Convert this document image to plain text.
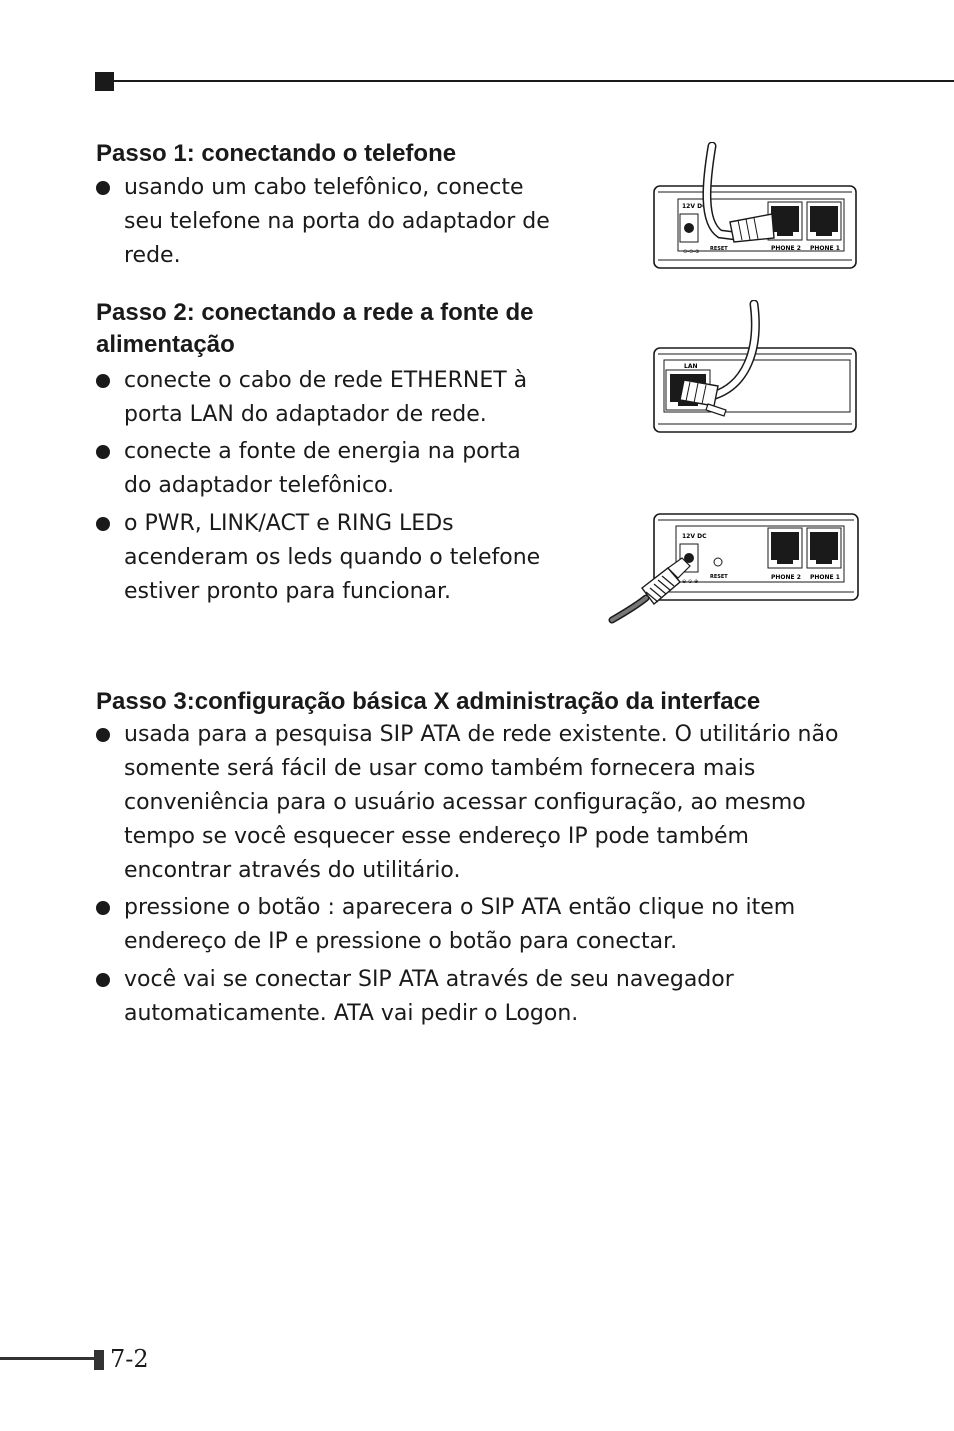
Passo 1: conectando o telefone

usando um cabo telefônico, conecte seu telefone na porta do adaptador de rede.

Passo 2: conectando a rede a fonte de alimentação

conecte o cabo de rede ETHERNET à porta LAN do adaptador de rede.

conecte a fonte de energia na porta do adaptador telefônico.

o PWR, LINK/ACT e RING LEDs acenderam os leds quando o telefone estiver pronto para funcionar.

Passo 3:configuração básica X administração da interface

usada para a pesquisa SIP ATA de rede existente. O utilitário não somente será fácil de usar como também fornecera mais conveniência para o usuário acessar configuração, ao mesmo tempo se você esquecer esse endereço IP pode também encontrar através do utilitário.

pressione o botão : aparecera o SIP ATA então clique no item endereço de IP e pressione o botão para conectar.

você vai se conectar SIP ATA através de seu navegador automaticamente. ATA vai pedir o Logon.

12V DC
⊖-⊙-⊕ RESET	PHONE 2 PHONE 1
LAN
12V DC
⊖-⊙-⊕
RESET	PHONE 2 PHONE 1
7-2
